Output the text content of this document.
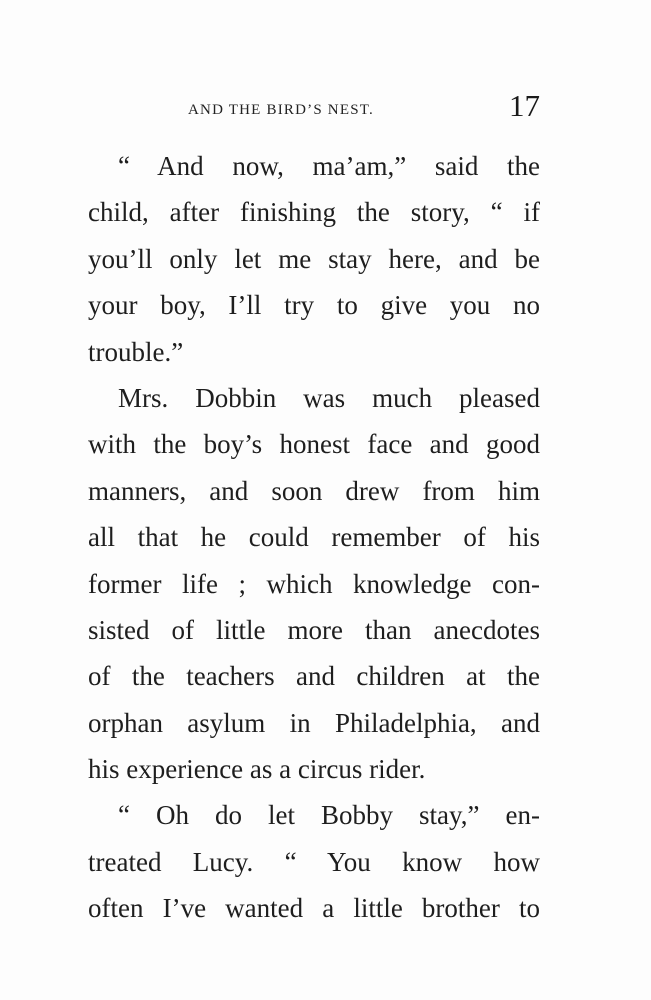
AND THE BIRD’S NEST.	17
“ And now, ma’am,” said the
child, after finishing the story, “ if
you’ll only let me stay here, and be
your boy, I’ll try to give you no
trouble.”
Mrs. Dobbin was much pleased
with the boy’s honest face and good
manners, and soon drew from him
all that he could remember of his
former life ; which knowledge con-
sisted of little more than anecdotes
of the teachers and children at the
orphan asylum in Philadelphia, and
his experience as a circus rider.
“ Oh do let Bobby stay,” en-
treated Lucy. “ You know how
often I’ve wanted a little brother to
